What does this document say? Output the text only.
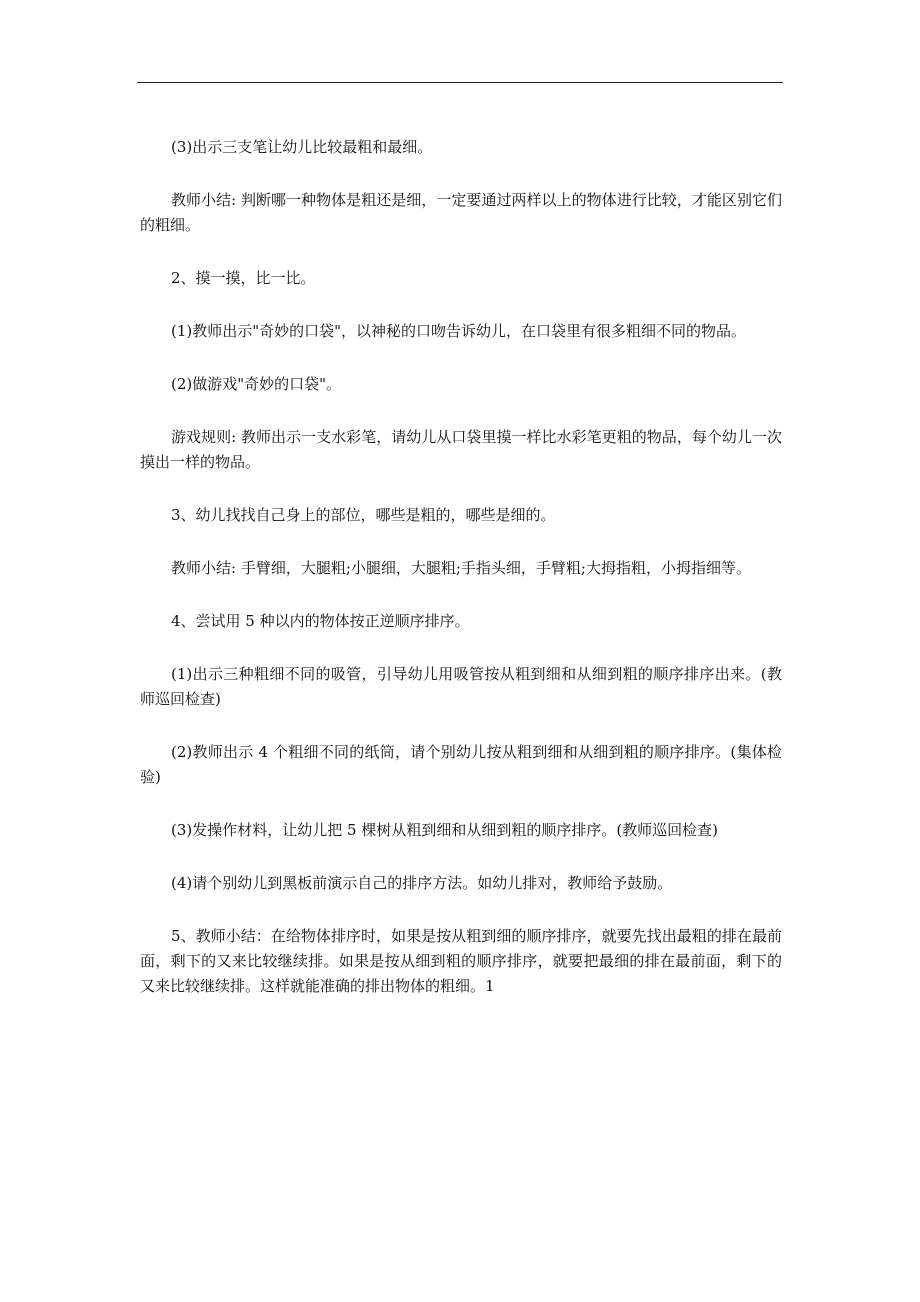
(3)出示三支笔让幼儿比较最粗和最细。

教师小结: 判断哪一种物体是粗还是细，一定要通过两样以上的物体进行比较，才能区别它们的粗细。

2、摸一摸，比一比。

(1)教师出示"奇妙的口袋"，以神秘的口吻告诉幼儿，在口袋里有很多粗细不同的物品。

(2)做游戏"奇妙的口袋"。

游戏规则: 教师出示一支水彩笔，请幼儿从口袋里摸一样比水彩笔更粗的物品，每个幼儿一次摸出一样的物品。

3、幼儿找找自己身上的部位，哪些是粗的，哪些是细的。

教师小结: 手臂细，大腿粗;小腿细，大腿粗;手指头细，手臂粗;大拇指粗，小拇指细等。

4、尝试用 5 种以内的物体按正逆顺序排序。

(1)出示三种粗细不同的吸管，引导幼儿用吸管按从粗到细和从细到粗的顺序排序出来。(教师巡回检查)

(2)教师出示 4 个粗细不同的纸筒，请个别幼儿按从粗到细和从细到粗的顺序排序。(集体检验)

(3)发操作材料，让幼儿把 5 棵树从粗到细和从细到粗的顺序排序。(教师巡回检查)

(4)请个别幼儿到黑板前演示自己的排序方法。如幼儿排对，教师给予鼓励。

5、教师小结：在给物体排序时，如果是按从粗到细的顺序排序，就要先找出最粗的排在最前面，剩下的又来比较继续排。如果是按从细到粗的顺序排序，就要把最细的排在最前面，剩下的又来比较继续排。这样就能准确的排出物体的粗细。1
